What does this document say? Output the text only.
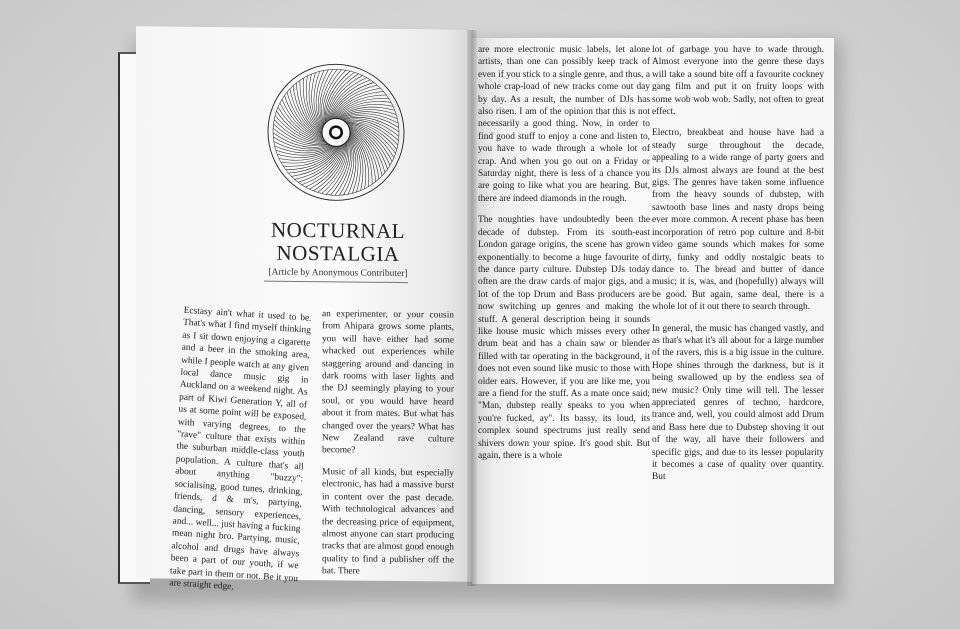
NOCTURNAL
NOSTALGIA
[Article by Anonymous Contributer]

Ecstasy ain't what it used to be. That's what I find myself thinking as I sit down enjoying a cigarette and a beer in the smoking area, while I people watch at any given local dance music gig in Auckland on a weekend night. As part of Kiwi Generation Y, all of us at some point will be exposed, with varying degrees, to the "rave" culture that exists within the suburban middle-class youth population. A culture that's all about anything "buzzy": socialising, good tunes, drinking, friends, d & m's, partying, dancing, sensory experiences, and... well... just having a fucking mean night bro. Partying, music, alcohol and drugs have always been a part of our youth, if we take part in them or not. Be it you are straight edge,

an experimenter, or your cousin from Ahipara grows some plants, you will have either had some whacked out experiences while staggering around and dancing in dark rooms with laser lights and the DJ seemingly playing to your soul, or you would have heard about it from mates. But what has changed over the years? What has New Zealand rave culture become?

Music of all kinds, but especially electronic, has had a massive burst in content over the past decade. With technological advances and the decreasing price of equipment, almost anyone can start producing tracks that are almost good enough quality to find a publisher off the bat. There

are more electronic music labels, let alone artists, than one can possibly keep track of even if you stick to a single genre, and thus, a whole crap-load of new tracks come out day by day. As a result, the number of DJs has also risen. I am of the opinion that this is not necessarily a good thing. Now, in order to find good stuff to enjoy a cone and listen to, you have to wade through a whole lot of crap. And when you go out on a Friday or Saturday night, there is less of a chance you are going to like what you are hearing. But, there are indeed diamonds in the rough.

The noughties have undoubtedly been the decade of dubstep. From its south-east London garage origins, the scene has grown exponentially to become a huge favourite of the dance party culture. Dubstep DJs today often are the draw cards of major gigs, and a lot of the top Drum and Bass producers are now switching up genres and making the stuff. A general description being it sounds like house music which misses every other drum beat and has a chain saw or blender filled with tar operating in the background, it does not even sound like music to those with older ears. However, if you are like me, you are a fiend for the stuff. As a mate once said; "Man, dubstep really speaks to you when you're fucked, ay". Its bassy, its loud, its complex sound spectrums just really send shivers down your spine. It's good shit. But again, there is a whole

lot of garbage you have to wade through. Almost everyone into the genre these days will take a sound bite off a favourite cockney gang film and put it on fruity loops with some wob wob wob. Sadly, not often to great effect.

Electro, breakbeat and house have had a steady surge throughout the decade, appealing to a wide range of party goers and its DJs almost always are found at the best gigs. The genres have taken some influence from the heavy sounds of dubstep, with sawtooth base lines and nasty drops being ever more common. A recent phase has been incorporation of retro pop culture and 8-bit video game sounds which makes for some dirty, funky and oddly nostalgic beats to dance to. The bread and butter of dance music; it is, was, and (hopefully) always will be good. But again, same deal, there is a whole lot of it out there to search through.

In general, the music has changed vastly, and as that's what it's all about for a large number of the ravers, this is a big issue in the culture. Hope shines through the darkness, but is it being swallowed up by the endless sea of new music? Only time will tell. The lesser appreciated genres of techno, hardcore, trance and, well, you could almost add Drum and Bass here due to Dubstep shoving it out of the way, all have their followers and specific gigs, and due to its lesser popularity it becomes a case of quality over quantity. But
